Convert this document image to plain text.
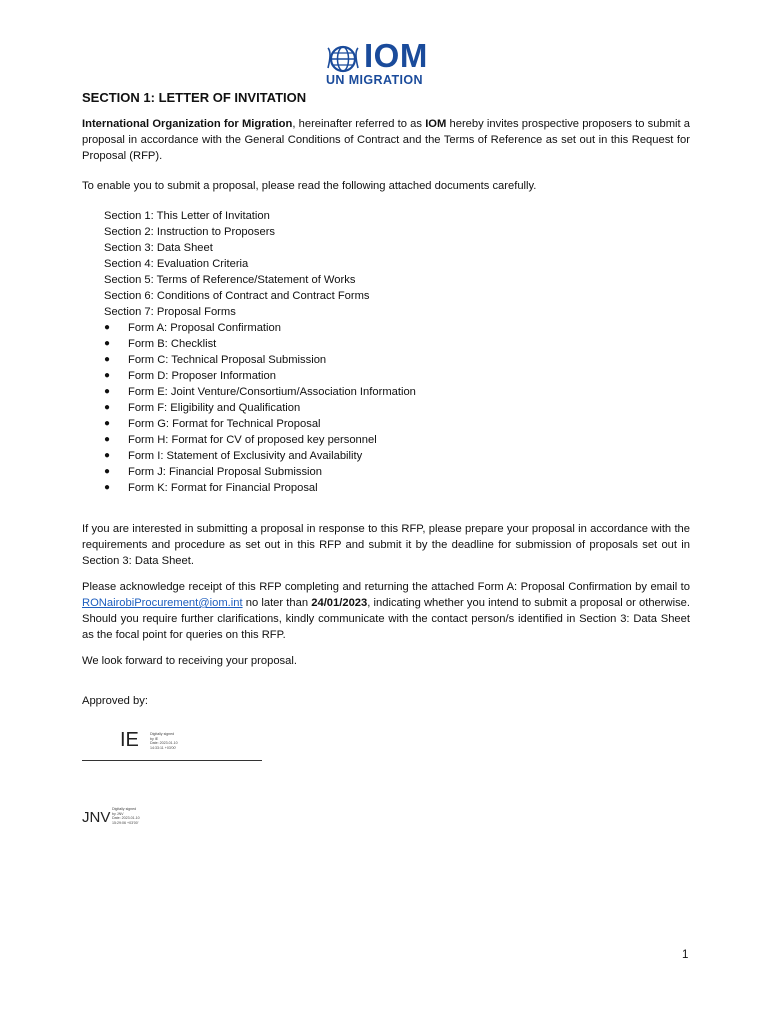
IOM
UN MIGRATION
SECTION 1: LETTER OF INVITATION

International Organization for Migration, hereinafter referred to as IOM hereby invites prospective proposers to submit a proposal in accordance with the General Conditions of Contract and the Terms of Reference as set out in this Request for Proposal (RFP).

To enable you to submit a proposal, please read the following attached documents carefully.

Section 1: This Letter of Invitation
Section 2: Instruction to Proposers
Section 3: Data Sheet
Section 4: Evaluation Criteria
Section 5: Terms of Reference/Statement of Works
Section 6: Conditions of Contract and Contract Forms
Section 7: Proposal Forms
● Form A: Proposal Confirmation
● Form B: Checklist
● Form C: Technical Proposal Submission
● Form D: Proposer Information
● Form E: Joint Venture/Consortium/Association Information
● Form F: Eligibility and Qualification
● Form G: Format for Technical Proposal
● Form H: Format for CV of proposed key personnel
● Form I: Statement of Exclusivity and Availability
● Form J: Financial Proposal Submission
● Form K: Format for Financial Proposal

If you are interested in submitting a proposal in response to this RFP, please prepare your proposal in accordance with the requirements and procedure as set out in this RFP and submit it by the deadline for submission of proposals set out in Section 3: Data Sheet.

Please acknowledge receipt of this RFP completing and returning the attached Form A: Proposal Confirmation by email to RONairobiProcurement@iom.int no later than 24/01/2023, indicating whether you intend to submit a proposal or otherwise. Should you require further clarifications, kindly communicate with the contact person/s identified in Section 3: Data Sheet as the focal point for queries on this RFP.

We look forward to receiving your proposal.

Approved by:

IE	Digitally signed
by IE
Date: 2023.01.10
14:33:11 +03'00'
JNV Digitally signed
by JNV
Date: 2023.01.10
15:29:06 +03'00'
1
